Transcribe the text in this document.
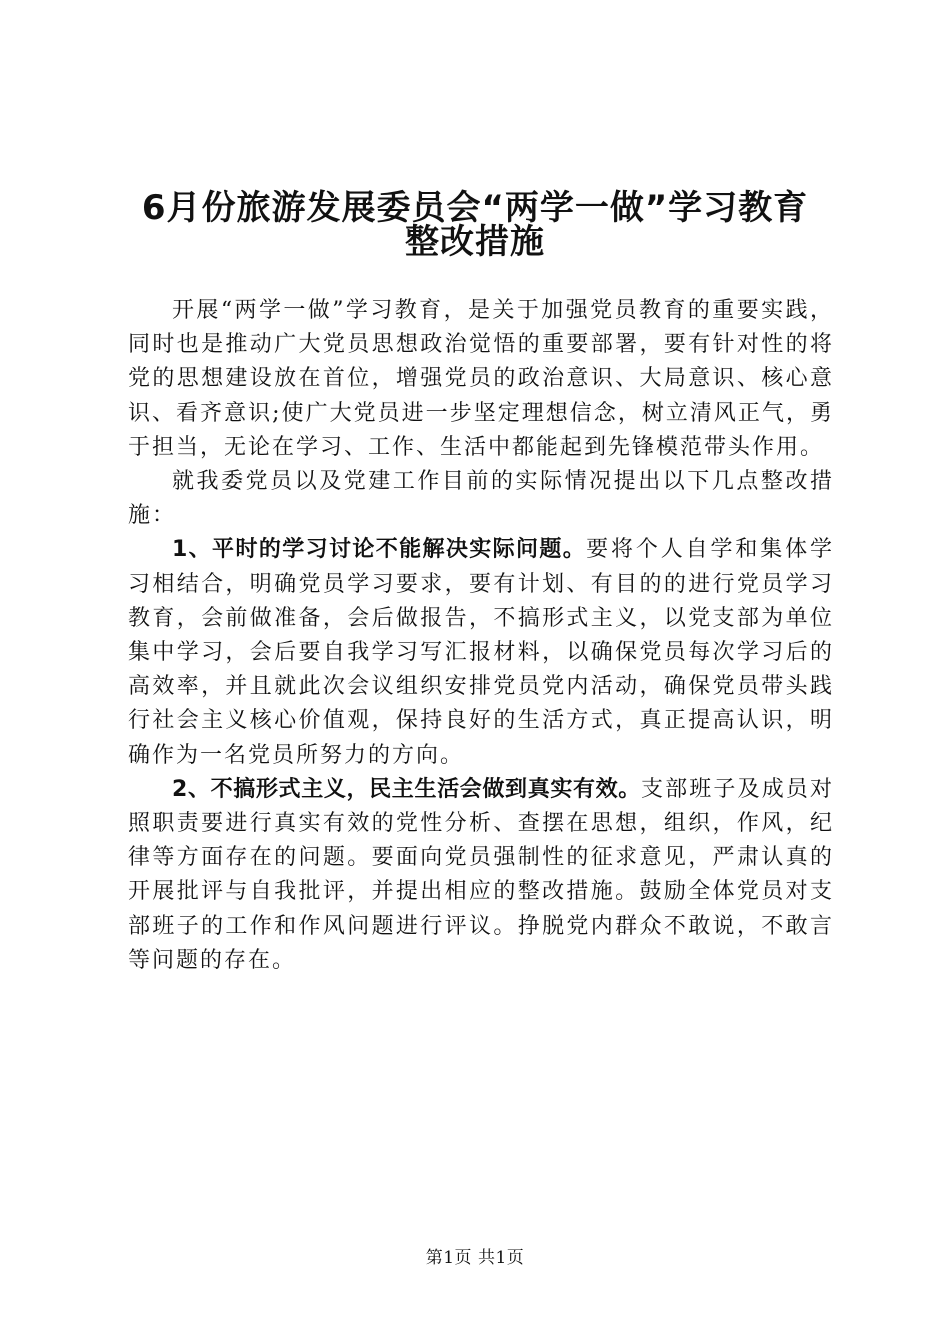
6月份旅游发展委员会“两学一做”学习教育
整改措施

开展“两学一做”学习教育，是关于加强党员教育的重要实践，同时也是推动广大党员思想政治觉悟的重要部署，要有针对性的将党的思想建设放在首位，增强党员的政治意识、大局意识、核心意识、看齐意识;使广大党员进一步坚定理想信念，树立清风正气，勇于担当，无论在学习、工作、生活中都能起到先锋模范带头作用。

就我委党员以及党建工作目前的实际情况提出以下几点整改措施：

1、平时的学习讨论不能解决实际问题。要将个人自学和集体学习相结合，明确党员学习要求，要有计划、有目的的进行党员学习教育，会前做准备，会后做报告，不搞形式主义，以党支部为单位集中学习，会后要自我学习写汇报材料，以确保党员每次学习后的高效率，并且就此次会议组织安排党员党内活动，确保党员带头践行社会主义核心价值观，保持良好的生活方式，真正提高认识，明确作为一名党员所努力的方向。

2、不搞形式主义，民主生活会做到真实有效。支部班子及成员对照职责要进行真实有效的党性分析、查摆在思想，组织，作风，纪律等方面存在的问题。要面向党员强制性的征求意见，严肃认真的开展批评与自我批评，并提出相应的整改措施。鼓励全体党员对支部班子的工作和作风问题进行评议。挣脱党内群众不敢说，不敢言等问题的存在。

第1页 共1页
